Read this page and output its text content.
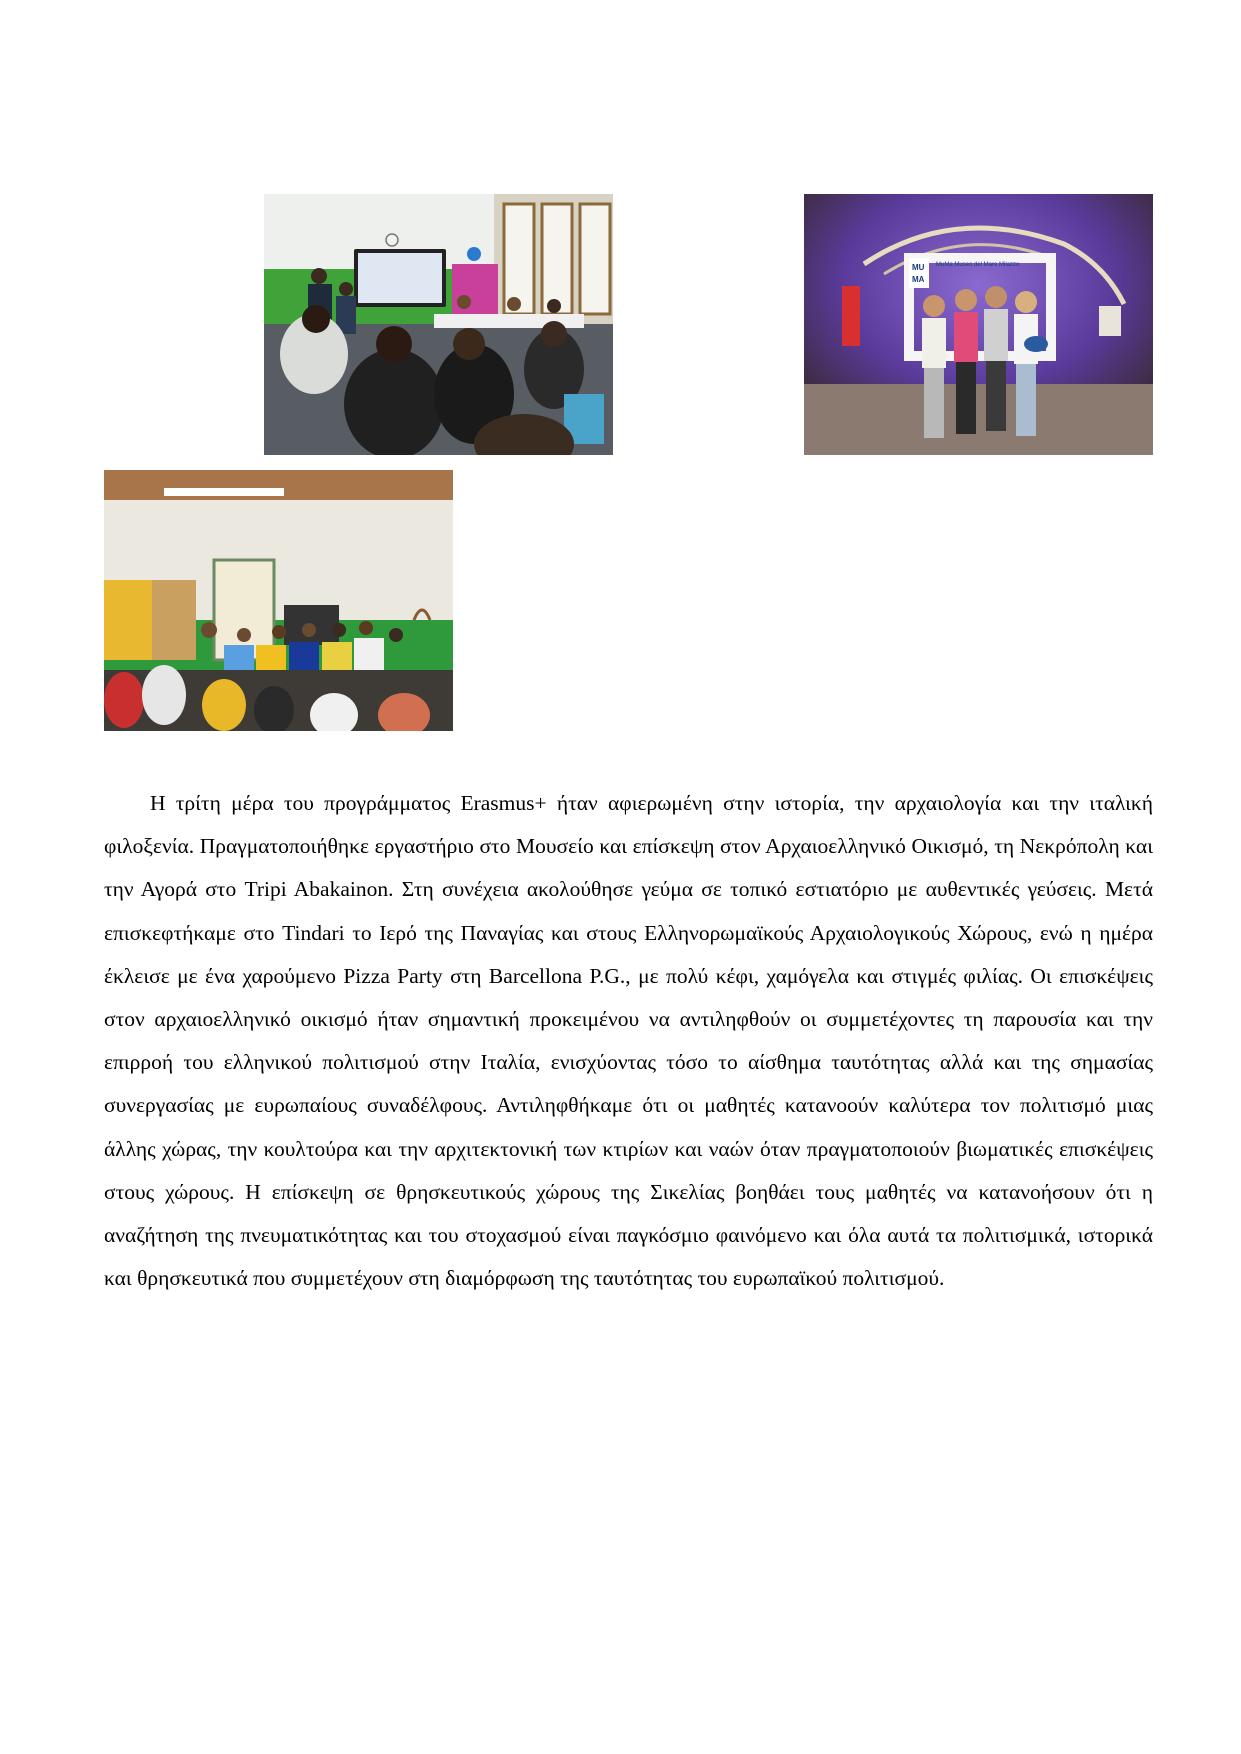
MU
MA
MuMa Museo del Mare Milazzo

Η τρίτη μέρα του προγράμματος Erasmus+ ήταν αφιερωμένη στην ιστορία, την αρχαιολογία και την ιταλική φιλοξενία. Πραγματοποιήθηκε εργαστήριο στο Μουσείο και επίσκεψη στον Αρχαιοελληνικό Οικισμό, τη Νεκρόπολη και την Αγορά στο Tripi Abakainon. Στη συνέχεια ακολούθησε γεύμα σε τοπικό εστιατόριο με αυθεντικές γεύσεις. Μετά επισκεφτήκαμε στο Tindari το Ιερό της Παναγίας και στους Ελληνορωμαϊκούς Αρχαιολογικούς Χώρους, ενώ η ημέρα έκλεισε με ένα χαρούμενο Pizza Party στη Barcellona P.G., με πολύ κέφι, χαμόγελα και στιγμές φιλίας. Οι επισκέψεις στον αρχαιοελληνικό οικισμό ήταν σημαντική προκειμένου να αντιληφθούν οι συμμετέχοντες τη παρουσία και την επιρροή του ελληνικού πολιτισμού στην Ιταλία, ενισχύοντας τόσο το αίσθημα ταυτότητας αλλά και της σημασίας συνεργασίας με ευρωπαίους συναδέλφους. Αντιληφθήκαμε ότι οι μαθητές κατανοούν καλύτερα τον πολιτισμό μιας άλλης χώρας, την κουλτούρα και την αρχιτεκτονική των κτιρίων και ναών όταν πραγματοποιούν βιωματικές επισκέψεις στους χώρους. Η επίσκεψη σε θρησκευτικούς χώρους της Σικελίας βοηθάει τους μαθητές να κατανοήσουν ότι η αναζήτηση της πνευματικότητας και του στοχασμού είναι παγκόσμιο φαινόμενο και όλα αυτά τα πολιτισμικά, ιστορικά και θρησκευτικά που συμμετέχουν στη διαμόρφωση της ταυτότητας του ευρωπαϊκού πολιτισμού.
